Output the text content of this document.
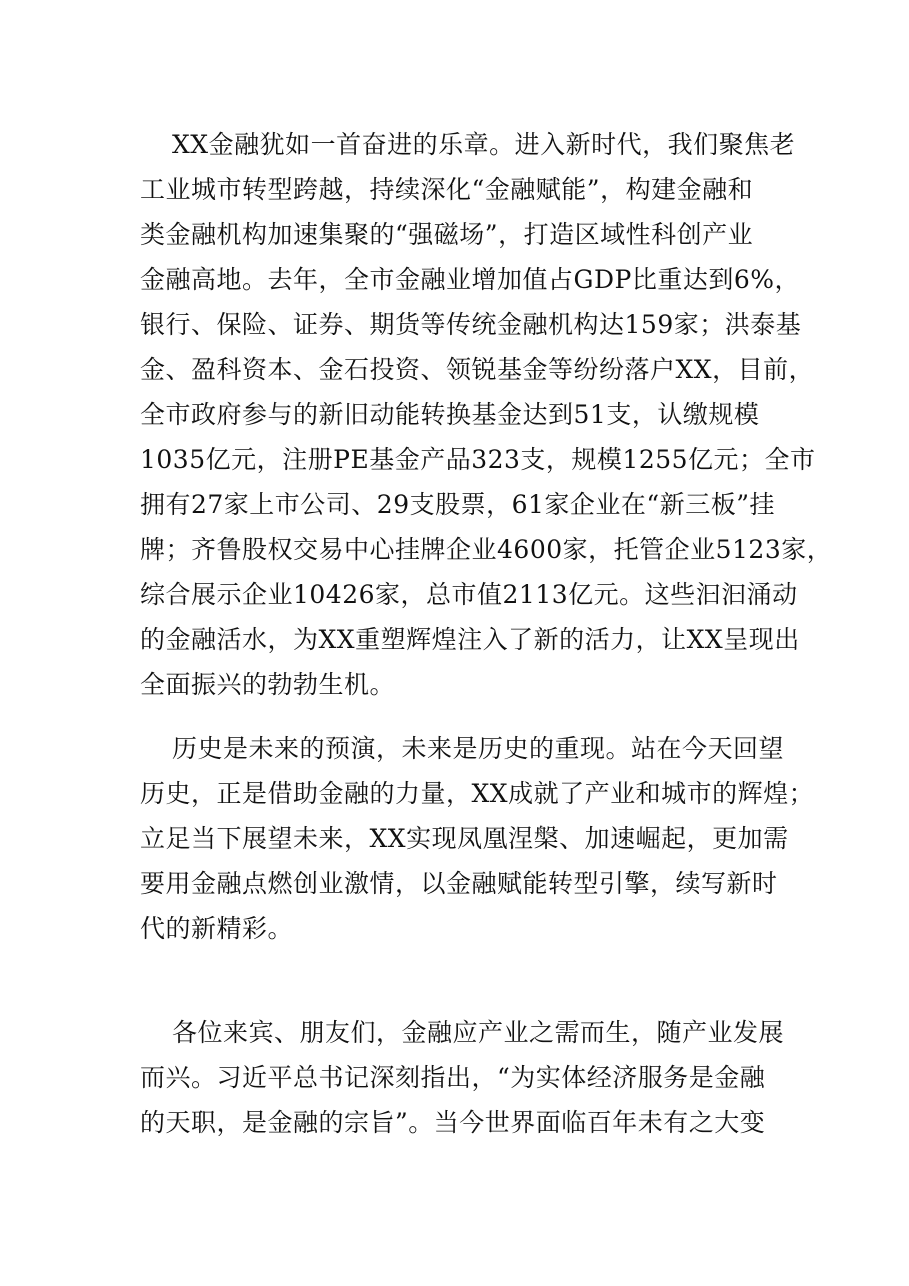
XX金融犹如一首奋进的乐章。进入新时代，我们聚焦老
工业城市转型跨越，持续深化“金融赋能”，构建金融和
类金融机构加速集聚的“强磁场”，打造区域性科创产业
金融高地。去年，全市金融业增加值占GDP比重达到6%，
银行、保险、证券、期货等传统金融机构达159家；洪泰基
金、盈科资本、金石投资、领锐基金等纷纷落户XX，目前，
全市政府参与的新旧动能转换基金达到51支，认缴规模
1035亿元，注册PE基金产品323支，规模1255亿元；全市
拥有27家上市公司、29支股票，61家企业在“新三板”挂
牌；齐鲁股权交易中心挂牌企业4600家，托管企业5123家，
综合展示企业10426家，总市值2113亿元。这些汩汩涌动
的金融活水，为XX重塑辉煌注入了新的活力，让XX呈现出
全面振兴的勃勃生机。
历史是未来的预演，未来是历史的重现。站在今天回望
历史，正是借助金融的力量，XX成就了产业和城市的辉煌；
立足当下展望未来，XX实现凤凰涅槃、加速崛起，更加需
要用金融点燃创业激情，以金融赋能转型引擎，续写新时
代的新精彩。
各位来宾、朋友们，金融应产业之需而生，随产业发展
而兴。习近平总书记深刻指出，“为实体经济服务是金融
的天职，是金融的宗旨”。当今世界面临百年未有之大变
